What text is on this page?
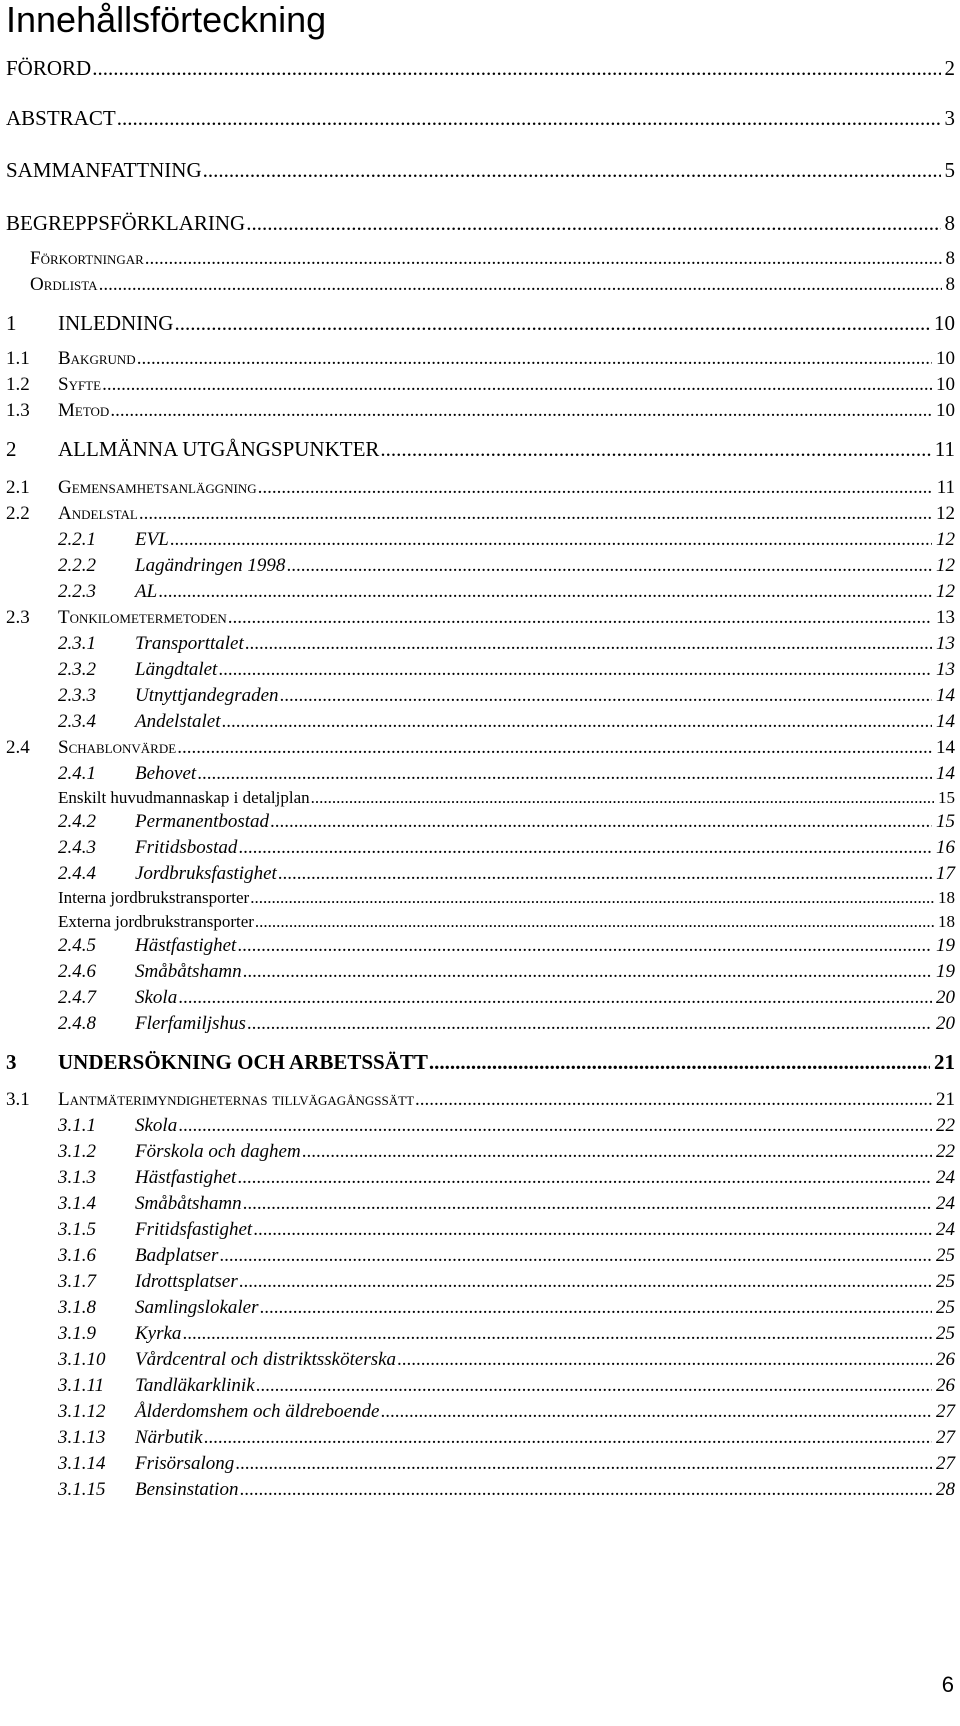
Innehållsförteckning
FÖRORD	2
.....
ABSTRACT	3
.....
SAMMANFATTNING	5
.....
BEGREPPSFÖRKLARING	8
.....
Förkortningar	8
.....
Ordlista	8
.....
1 INLEDNING	10
.....
1.1 Bakgrund	10
.....
1.2 Syfte	10
.....
1.3 Metod	10
.....
2 ALLMÄNNA UTGÅNGSPUNKTER	11
.....
2.1 Gemensamhetsanläggning	11
.....
2.2 Andelstal	12
.....
2.2.1 EVL	12
.....
2.2.2 Lagändringen 1998	12
.....
2.2.3 AL	12
.....
2.3 Tonkilometermetoden	13
.....
2.3.1 Transporttalet	13
.....
2.3.2 Längdtalet	13
.....
2.3.3 Utnyttjandegraden	14
.....
2.3.4 Andelstalet	14
.....
2.4 Schablonvärde	14
.....
2.4.1 Behovet	14
.....
Enskilt huvudmannaskap i detaljplan	15
.....
2.4.2 Permanentbostad	15
.....
2.4.3 Fritidsbostad	16
.....
2.4.4 Jordbruksfastighet	17
.....
Interna jordbrukstransporter	18
.....
Externa jordbrukstransporter	18
.....
2.4.5 Hästfastighet	19
.....
2.4.6 Småbåtshamn	19
.....
2.4.7 Skola	20
.....
2.4.8 Flerfamiljshus	20
.....
3 UNDERSÖKNING OCH ARBETSSÄTT	21
.....
3.1 Lantmäterimyndigheternas tillvägagångssätt	21
.....
3.1.1 Skola	22
.....
3.1.2 Förskola och daghem	22
.....
3.1.3 Hästfastighet	24
.....
3.1.4 Småbåtshamn	24
.....
3.1.5 Fritidsfastighet	24
.....
3.1.6 Badplatser	25
.....
3.1.7 Idrottsplatser	25
.....
3.1.8 Samlingslokaler	25
.....
3.1.9 Kyrka	25
.....
3.1.10 Vårdcentral och distriktssköterska	26
.....
3.1.11 Tandläkarklinik	26
.....
3.1.12 Ålderdomshem och äldreboende	27
.....
3.1.13 Närbutik	27
.....
3.1.14 Frisörsalong	27
.....
3.1.15 Bensinstation	28
.....
6
